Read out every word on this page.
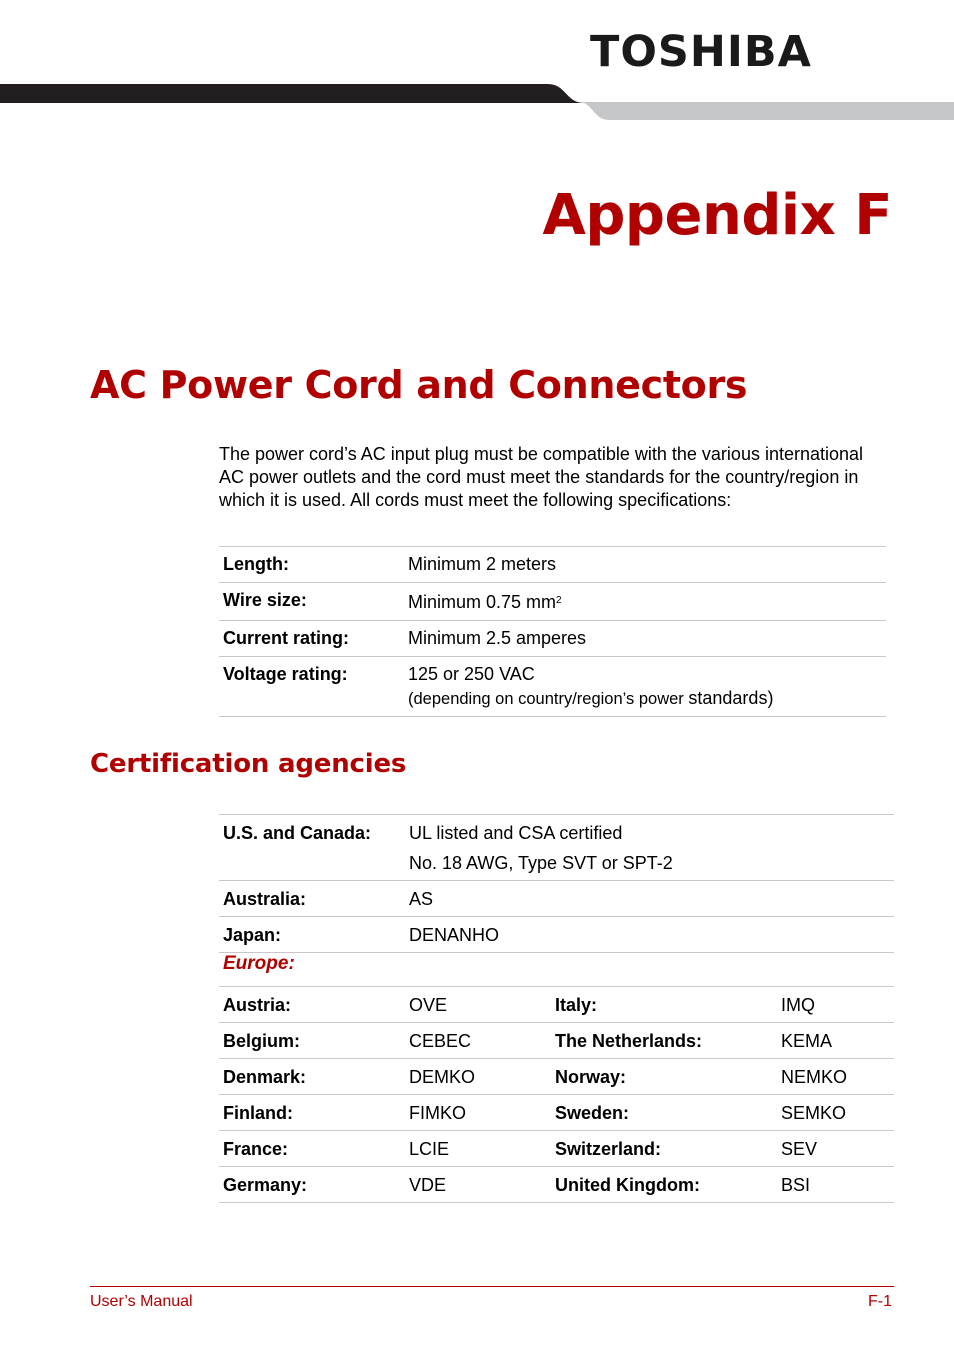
TOSHIBA
Appendix F
AC Power Cord and Connectors

The power cord’s AC input plug must be compatible with the various international AC power outlets and the cord must meet the standards for the country/region in which it is used. All cords must meet the following specifications:

Length:	Minimum 2 meters
Wire size:	Minimum 0.75 $mm^2$
Current rating:	Minimum 2.5 amperes
Voltage rating:	125 or 250 VAC
(depending on country/region’s power standards)
Certification agencies
U.S. and Canada:	UL listed and CSA certified
No. 18 AWG, Type SVT or SPT-2		

Australia:	AS		
Japan:	DENANHO		
Europe:			
Austria:	OVE	Italy:	IMQ
Belgium:	CEBEC	The Netherlands:	KEMA
Denmark:	DEMKO	Norway:	NEMKO
Finland:	FIMKO	Sweden:	SEMKO
France:	LCIE	Switzerland:	SEV
Germany:	VDE	United Kingdom:	BSI
User’s Manual	F-1
